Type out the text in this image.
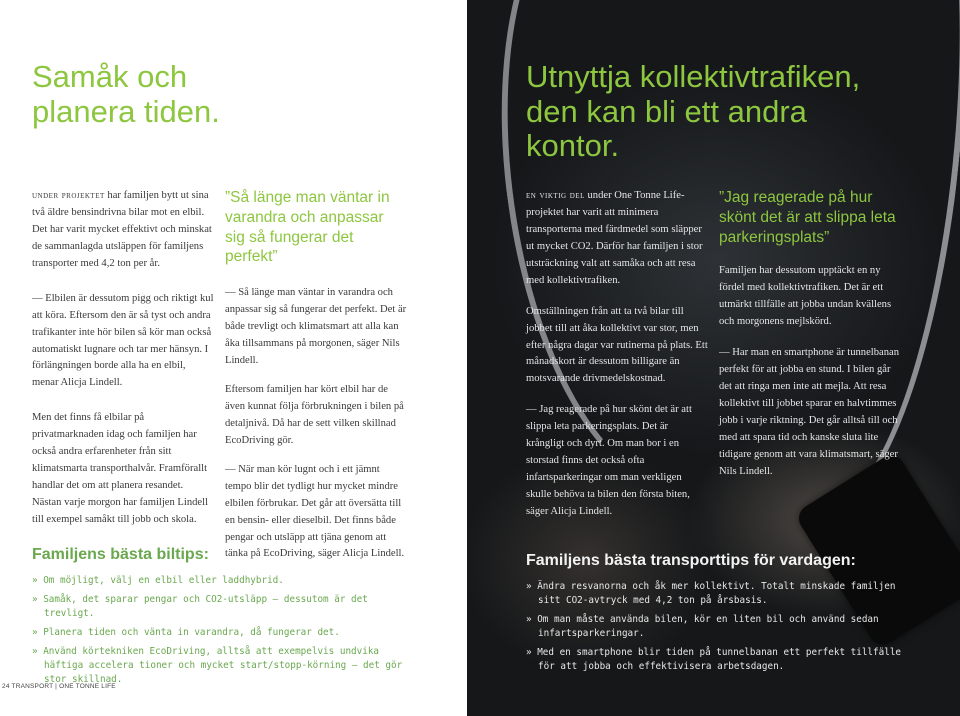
Samåk och
planera tiden.

under projektet har familjen bytt ut sina två äldre bensindrivna bilar mot en elbil. Det har varit mycket effektivt och minskat de sammanlagda utsläppen för familjens transporter med 4,2 ton per år.

— Elbilen är dessutom pigg och riktigt kul att köra. Eftersom den är så tyst och andra trafikanter inte hör bilen så kör man också automatiskt lugnare och tar mer hänsyn. I förlängningen borde alla ha en elbil, menar Alicja Lindell.

Men det finns få elbilar på privatmarknaden idag och familjen har också andra erfarenheter från sitt klimatsmarta transporthalvår. Framförallt handlar det om att planera resandet. Nästan varje morgon har familjen Lindell till exempel samåkt till jobb och skola.

”Så länge man väntar in varandra och anpassar sig så fungerar det perfekt”

— Så länge man väntar in varandra och anpassar sig så fungerar det perfekt. Det är både trevligt och klimatsmart att alla kan åka tillsammans på morgonen, säger Nils Lindell.

Eftersom familjen har kört elbil har de även kunnat följa förbrukningen i bilen på detaljnivå. Då har de sett vilken skillnad EcoDriving gör.

— När man kör lugnt och i ett jämnt tempo blir det tydligt hur mycket mindre elbilen förbrukar. Det går att översätta till en bensin- eller dieselbil. Det finns både pengar och utsläpp att tjäna genom att tänka på EcoDriving, säger Alicja Lindell.

Familjens bästa biltips:
» Om möjligt, välj en elbil eller laddhybrid.
» Samåk, det sparar pengar och CO2-utsläpp — dessutom är det trevligt.
» Planera tiden och vänta in varandra, då fungerar det.
» Använd körtekniken EcoDriving, alltså att exempelvis undvika häftiga accelera tioner och mycket start/stopp-körning — det gör stor skillnad.
24 TRANSPORT | ONE TONNE LIFE
Utnyttja kollektivtrafiken,
den kan bli ett andra
kontor.

en viktig del under One Tonne Life-projektet har varit att minimera transporterna med färdmedel som släpper ut mycket CO2. Därför har familjen i stor utsträckning valt att samåka och att resa med kollektivtrafiken.

Omställningen från att ta två bilar till jobbet till att åka kollektivt var stor, men efter några dagar var rutinerna på plats. Ett månadskort är dessutom billigare än motsvarande drivmedelskostnad.

— Jag reagerade på hur skönt det är att slippa leta parkeringsplats. Det är krångligt och dyrt. Om man bor i en storstad finns det också ofta infartsparkeringar om man verkligen skulle behöva ta bilen den första biten, säger Alicja Lindell.

”Jag reagerade på hur skönt det är att slippa leta parkeringsplats”

Familjen har dessutom upptäckt en ny fördel med kollektivtrafiken. Det är ett utmärkt tillfälle att jobba undan kvällens och morgonens mejlskörd.

— Har man en smartphone är tunnelbanan perfekt för att jobba en stund. I bilen går det att ringa men inte att mejla. Att resa kollektivt till jobbet sparar en halvtimmes jobb i varje riktning. Det går alltså till och med att spara tid och kanske sluta lite tidigare genom att vara klimatsmart, säger Nils Lindell.

Familjens bästa transporttips för vardagen:
» Ändra resvanorna och åk mer kollektivt. Totalt minskade familjen sitt CO2-avtryck med 4,2 ton på årsbasis.
» Om man måste använda bilen, kör en liten bil och använd sedan infartsparkeringar.
» Med en smartphone blir tiden på tunnelbanan ett perfekt tillfälle för att jobba och effektivisera arbetsdagen.
